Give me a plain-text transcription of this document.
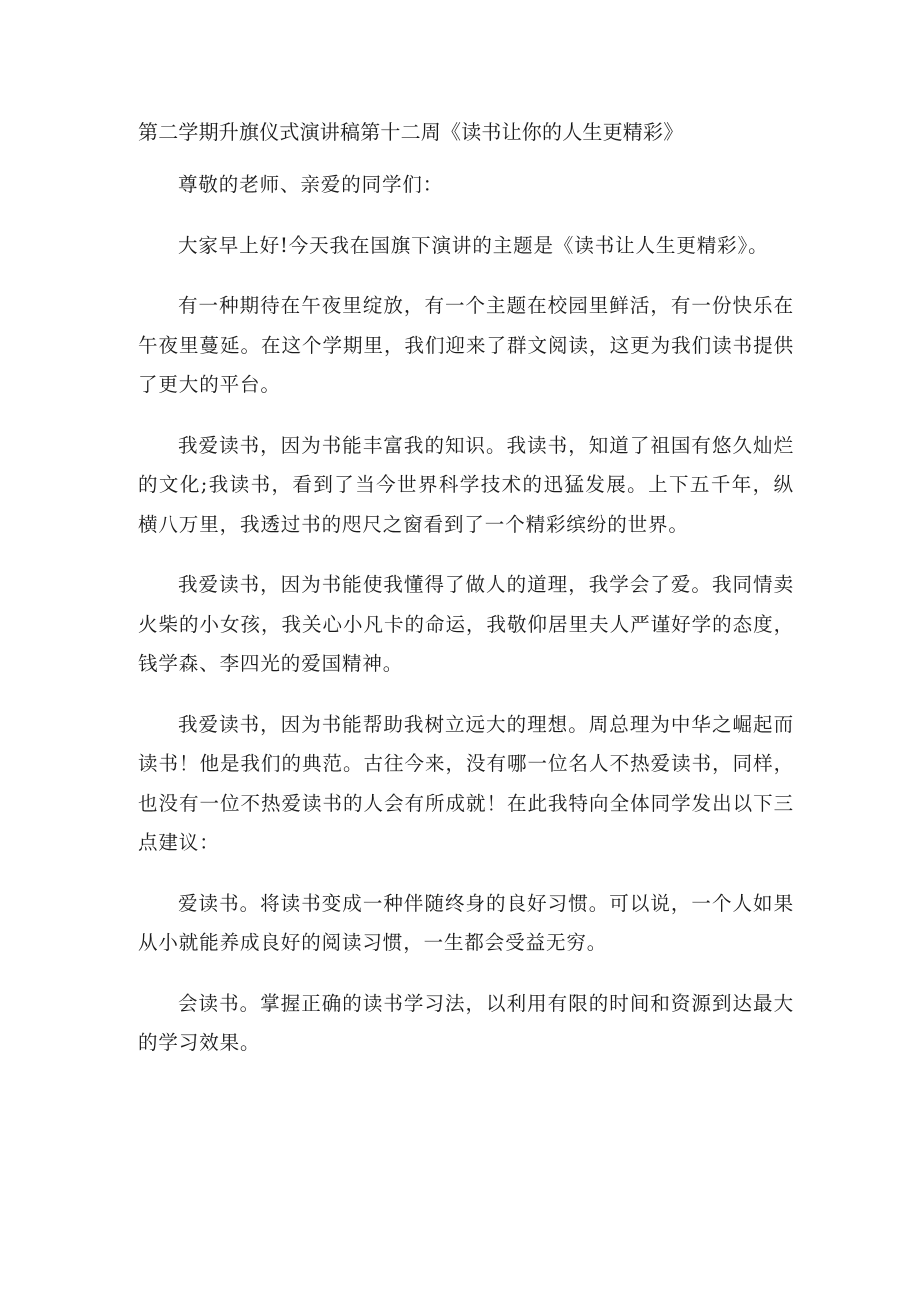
第二学期升旗仪式演讲稿第十二周《读书让你的人生更精彩》

尊敬的老师、亲爱的同学们：

大家早上好!今天我在国旗下演讲的主题是《读书让人生更精彩》。

有一种期待在午夜里绽放，有一个主题在校园里鲜活，有一份快乐在午夜里蔓延。在这个学期里，我们迎来了群文阅读，这更为我们读书提供了更大的平台。

我爱读书，因为书能丰富我的知识。我读书，知道了祖国有悠久灿烂的文化;我读书，看到了当今世界科学技术的迅猛发展。上下五千年，纵横八万里，我透过书的咫尺之窗看到了一个精彩缤纷的世界。

我爱读书，因为书能使我懂得了做人的道理，我学会了爱。我同情卖火柴的小女孩，我关心小凡卡的命运，我敬仰居里夫人严谨好学的态度，钱学森、李四光的爱国精神。

我爱读书，因为书能帮助我树立远大的理想。周总理为中华之崛起而读书！他是我们的典范。古往今来，没有哪一位名人不热爱读书，同样，也没有一位不热爱读书的人会有所成就！在此我特向全体同学发出以下三点建议：

爱读书。将读书变成一种伴随终身的良好习惯。可以说，一个人如果从小就能养成良好的阅读习惯，一生都会受益无穷。

会读书。掌握正确的读书学习法，以利用有限的时间和资源到达最大的学习效果。
